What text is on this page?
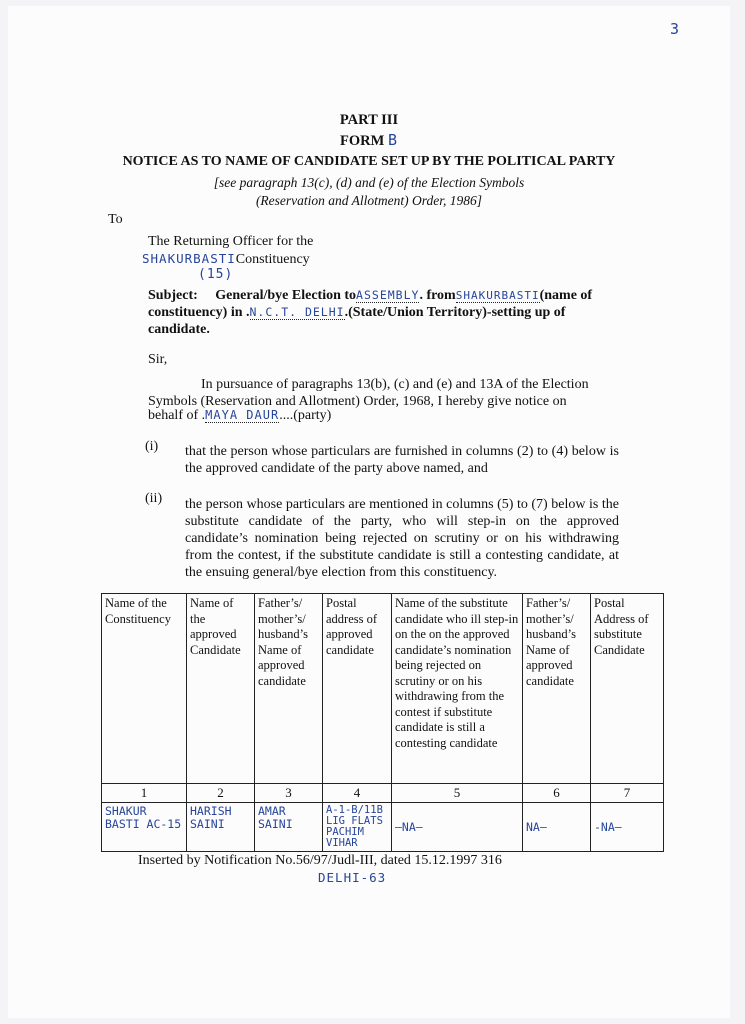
3
PART III
FORM B
NOTICE AS TO NAME OF CANDIDATE SET UP BY THE POLITICAL PARTY
[see paragraph 13(c), (d) and (e) of the Election Symbols
(Reservation and Allotment) Order, 1986]
To
The Returning Officer for the
SHAKURBASTIConstituency
(15)
Subject: General/bye Election toASSEMBLY. fromSHAKURBASTI(name of
constituency) in .N.C.T. DELHI.(State/Union Territory)-setting up of
candidate.
Sir,
In pursuance of paragraphs 13(b), (c) and (e) and 13A of the Election
Symbols (Reservation and Allotment) Order, 1968, I hereby give notice on
behalf of .MAYA DAUR....(party)
(i) that the person whose particulars are furnished in columns (2) to (4) below is the approved candidate of the party above named, and
(ii) the person whose particulars are mentioned in columns (5) to (7) below is the substitute candidate of the party, who will step-in on the approved candidate’s nomination being rejected on scrutiny or on his withdrawing from the contest, if the substitute candidate is still a contesting candidate, at the ensuing general/bye election from this constituency.
Name of the Constituency	Name of the approved Candidate	Father’s/ mother’s/ husband’s Name of approved candidate	Postal address of approved candidate	Name of the substitute candidate who ill step-in on the on the approved candidate’s nomination being rejected on scrutiny or on his withdrawing from the contest if substitute candidate is still a contesting candidate	Father’s/ mother’s/ husband’s Name of approved candidate	Postal Address of substitute Candidate
1	2	3	4	5	6	7
SHAKUR BASTI AC-15	HARISH SAINI	AMAR SAINI	A-1-B/11B LIG FLATS PACHIM VIHAR	—NA—	NA—	-NA—
Inserted by Notification No.56/97/Judl-III, dated 15.12.1997 316
DELHI-63
